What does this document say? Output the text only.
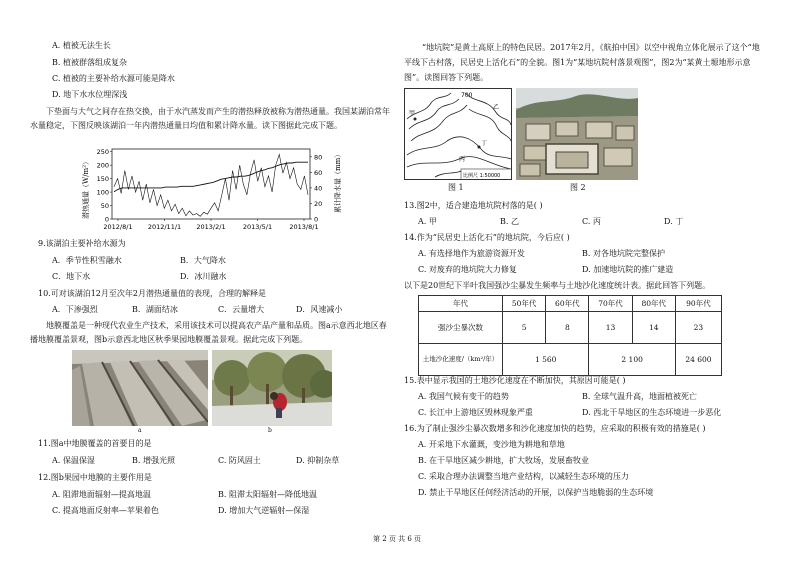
A. 植被无法生长
B. 植被群落组成复杂
C. 植被的主要补给水源可能是降水
D. 地下水水位埋深浅
下垫面与大气之间存在热交换，由于水汽蒸发而产生的潜热释放被称为潜热通量。我国某湖泊常年水量稳定，下图反映该湖泊一年内潜热通量日均值和累计降水量。读下图据此完成下题。
潜热通量（W/m²）	累计降水量（mm）
0
50
100
150
200
250
0
20
40
60
80
2012/8/1 2012/11/1 2013/2/1	2013/5/1	2013/8/1
9.该湖泊主要补给水源为
A．季节性积雪融水	B．大气降水
C．地下水	D．冰川融水
10.可对该湖泊12月至次年2月潜热通量值的表现，合理的解释是
A．下渗强烈	B．湖面结冰	C．云量增大	D．风速减小
地膜覆盖是一种现代农业生产技术，采用该技术可以提高农产品产量和品质。图a示意西北地区春播地膜覆盖景观，图b示意西北地区秋季果园地膜覆盖景观。据此完成下列题。
a	b
11.图a中地膜覆盖的首要目的是
A. 保温保湿	B. 增强光照	C. 防风固土	D. 抑制杂草
12.图b果园中地膜的主要作用是
A. 阻滞地面辐射—提高地温	B. 阻滞太阳辐射—降低地温
C. 提高地面反射率—苹果着色	D. 增加大气逆辐射—保湿
“地坑院”是黄土高原上的特色民居。2017年2月，《航拍中国》以空中视角立体化展示了这个“地平线下古村落，民居史上活化石”的全貌。图1为“某地坑院村落景观图”，图2为“某黄土塬地形示意图”。读图回答下列题。
700
甲
乙
丙
丁
比例尺 1:50000
图 1	图 2
13.图2中，适合建造地坑院村落的是( )
A. 甲	B. 乙	C. 丙	D. 丁
14.作为“民居史上活化石”的地坑院，今后应( )
A. 有选择地作为旅游资源开发	B. 对各地坑院完整保护
C. 对废弃的地坑院大力修复	D. 加速地坑院的推广建造
以下是20世纪下半叶我国强沙尘暴发生频率与土地沙化速度统计表。据此回答下列题。
年代	50年代	60年代	70年代	80年代	90年代
强沙尘暴次数	5	8	13	14	23
土地沙化速度/（km²/年）	1 560		2 100		24 600
15.表中显示我国的土地沙化速度在不断加快，其原因可能是( )
A. 我国气候有变干的趋势	B. 全球气温升高，地面植被死亡
C. 长江中上游地区毁林现象严重	D. 西北干旱地区的生态环境进一步恶化
16.为了制止强沙尘暴次数增多和沙化速度加快的趋势，应采取的积极有效的措施是( )
A. 开采地下水灌溉，变沙地为耕地和草地
B. 在干旱地区减少耕地，扩大牧场，发展畜牧业
C. 采取合理办法调整当地产业结构，以减轻生态环境的压力
D. 禁止干旱地区任何经济活动的开展，以保护当地脆弱的生态环境
第 2 页 共 6 页
